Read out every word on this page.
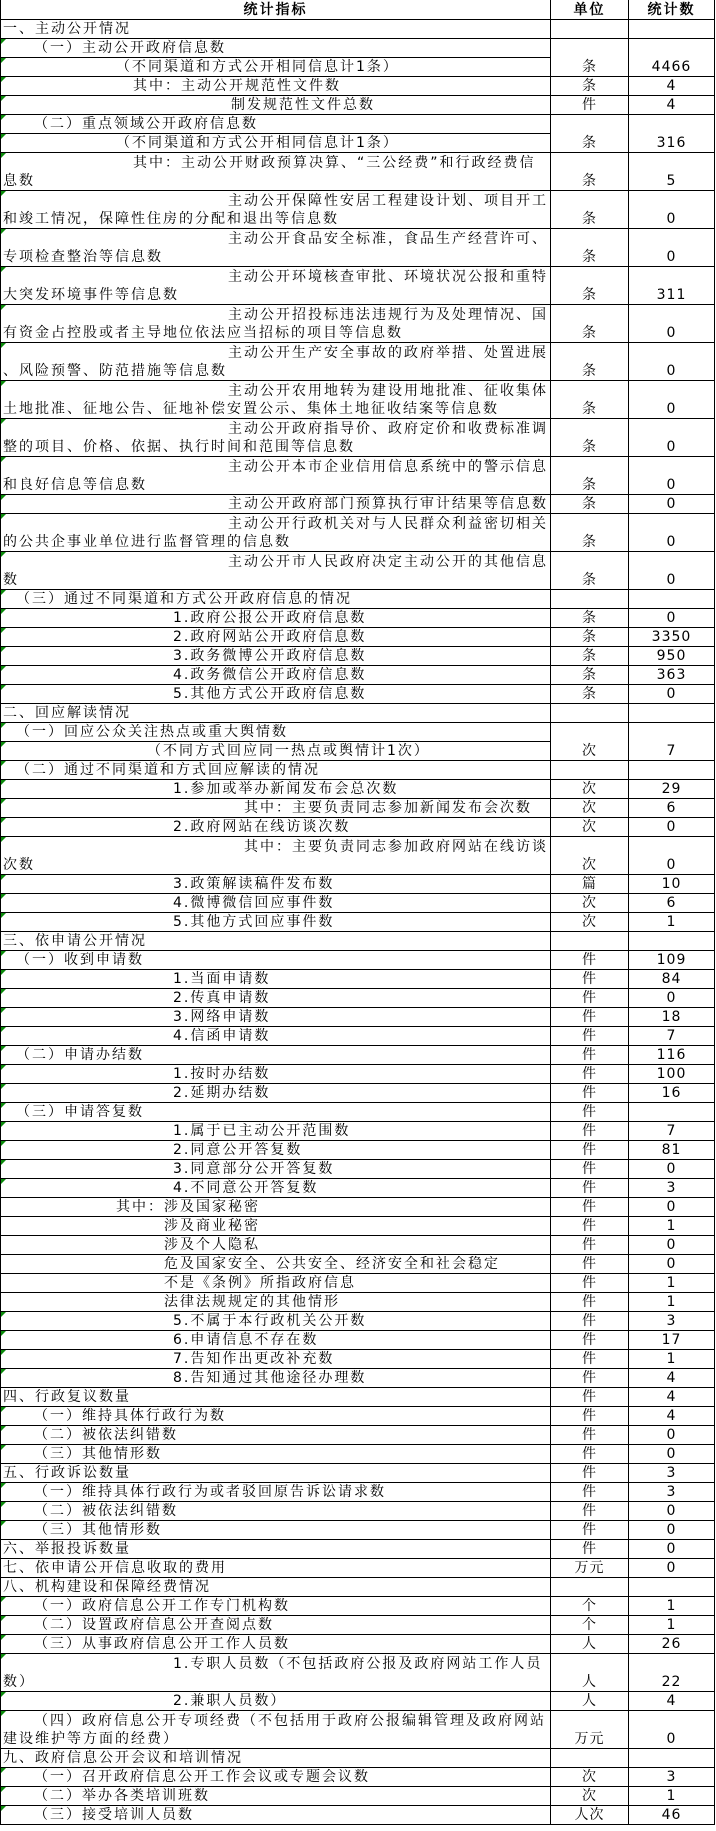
统计指标	单位	统计数

一、主动公开情况		

（一）主动公开政府信息数	条	4466

（不同渠道和方式公开相同信息计1条）		

其中：主动公开规范性文件数	条	4

制发规范性文件总数	件	4

（二）重点领域公开政府信息数	条	316

（不同渠道和方式公开相同信息计1条）		

其中：主动公开财政预算决算、“三公经费”和行政经费信
息数	条	5

主动公开保障性安居工程建设计划、项目开工
和竣工情况，保障性住房的分配和退出等信息数	条	0

主动公开食品安全标准，食品生产经营许可、
专项检查整治等信息数	条	0

主动公开环境核查审批、环境状况公报和重特
大突发环境事件等信息数	条	311

主动公开招投标违法违规行为及处理情况、国
有资金占控股或者主导地位依法应当招标的项目等信息数	条	0

主动公开生产安全事故的政府举措、处置进展
、风险预警、防范措施等信息数	条	0

主动公开农用地转为建设用地批准、征收集体
土地批准、征地公告、征地补偿安置公示、集体土地征收结案等信息数	条	0

主动公开政府指导价、政府定价和收费标准调
整的项目、价格、依据、执行时间和范围等信息数	条	0

主动公开本市企业信用信息系统中的警示信息
和良好信息等信息数	条	0

主动公开政府部门预算执行审计结果等信息数	条	0

主动公开行政机关对与人民群众利益密切相关
的公共企事业单位进行监督管理的信息数	条	0

主动公开市人民政府决定主动公开的其他信息
数	条	0

（三）通过不同渠道和方式公开政府信息的情况		

1.政府公报公开政府信息数	条	0

2.政府网站公开政府信息数	条	3350

3.政务微博公开政府信息数	条	950

4.政务微信公开政府信息数	条	363

5.其他方式公开政府信息数	条	0

二、回应解读情况		

（一）回应公众关注热点或重大舆情数	次	7

（不同方式回应同一热点或舆情计1次）		

（二）通过不同渠道和方式回应解读的情况		

1.参加或举办新闻发布会总次数	次	29

其中：主要负责同志参加新闻发布会次数	次	6

2.政府网站在线访谈次数	次	0

其中：主要负责同志参加政府网站在线访谈
次数	次	0

3.政策解读稿件发布数	篇	10

4.微博微信回应事件数	次	6

5.其他方式回应事件数	次	1

三、依申请公开情况		

（一）收到申请数	件	109

1.当面申请数	件	84

2.传真申请数	件	0

3.网络申请数	件	18

4.信函申请数	件	7

（二）申请办结数	件	116

1.按时办结数	件	100

2.延期办结数	件	16

（三）申请答复数	件	

1.属于已主动公开范围数	件	7

2.同意公开答复数	件	81

3.同意部分公开答复数	件	0

4.不同意公开答复数	件	3

其中：涉及国家秘密	件	0

涉及商业秘密	件	1

涉及个人隐私	件	0

危及国家安全、公共安全、经济安全和社会稳定	件	0

不是《条例》所指政府信息	件	1

法律法规规定的其他情形	件	1

5.不属于本行政机关公开数	件	3

6.申请信息不存在数	件	17

7.告知作出更改补充数	件	1

8.告知通过其他途径办理数	件	4

四、行政复议数量	件	4

（一）维持具体行政行为数	件	4

（二）被依法纠错数	件	0

（三）其他情形数	件	0

五、行政诉讼数量	件	3

（一）维持具体行政行为或者驳回原告诉讼请求数	件	3

（二）被依法纠错数	件	0

（三）其他情形数	件	0

六、举报投诉数量	件	0

七、依申请公开信息收取的费用	万元	0

八、机构建设和保障经费情况		

（一）政府信息公开工作专门机构数	个	1

（二）设置政府信息公开查阅点数	个	1

（三）从事政府信息公开工作人员数	人	26

1.专职人员数（不包括政府公报及政府网站工作人员
数）	人	22

2.兼职人员数）	人	4

（四）政府信息公开专项经费（不包括用于政府公报编辑管理及政府网站
建设维护等方面的经费）	万元	0

九、政府信息公开会议和培训情况		

（一）召开政府信息公开工作会议或专题会议数	次	3

（二）举办各类培训班数	次	1

（三）接受培训人员数	人次	46
